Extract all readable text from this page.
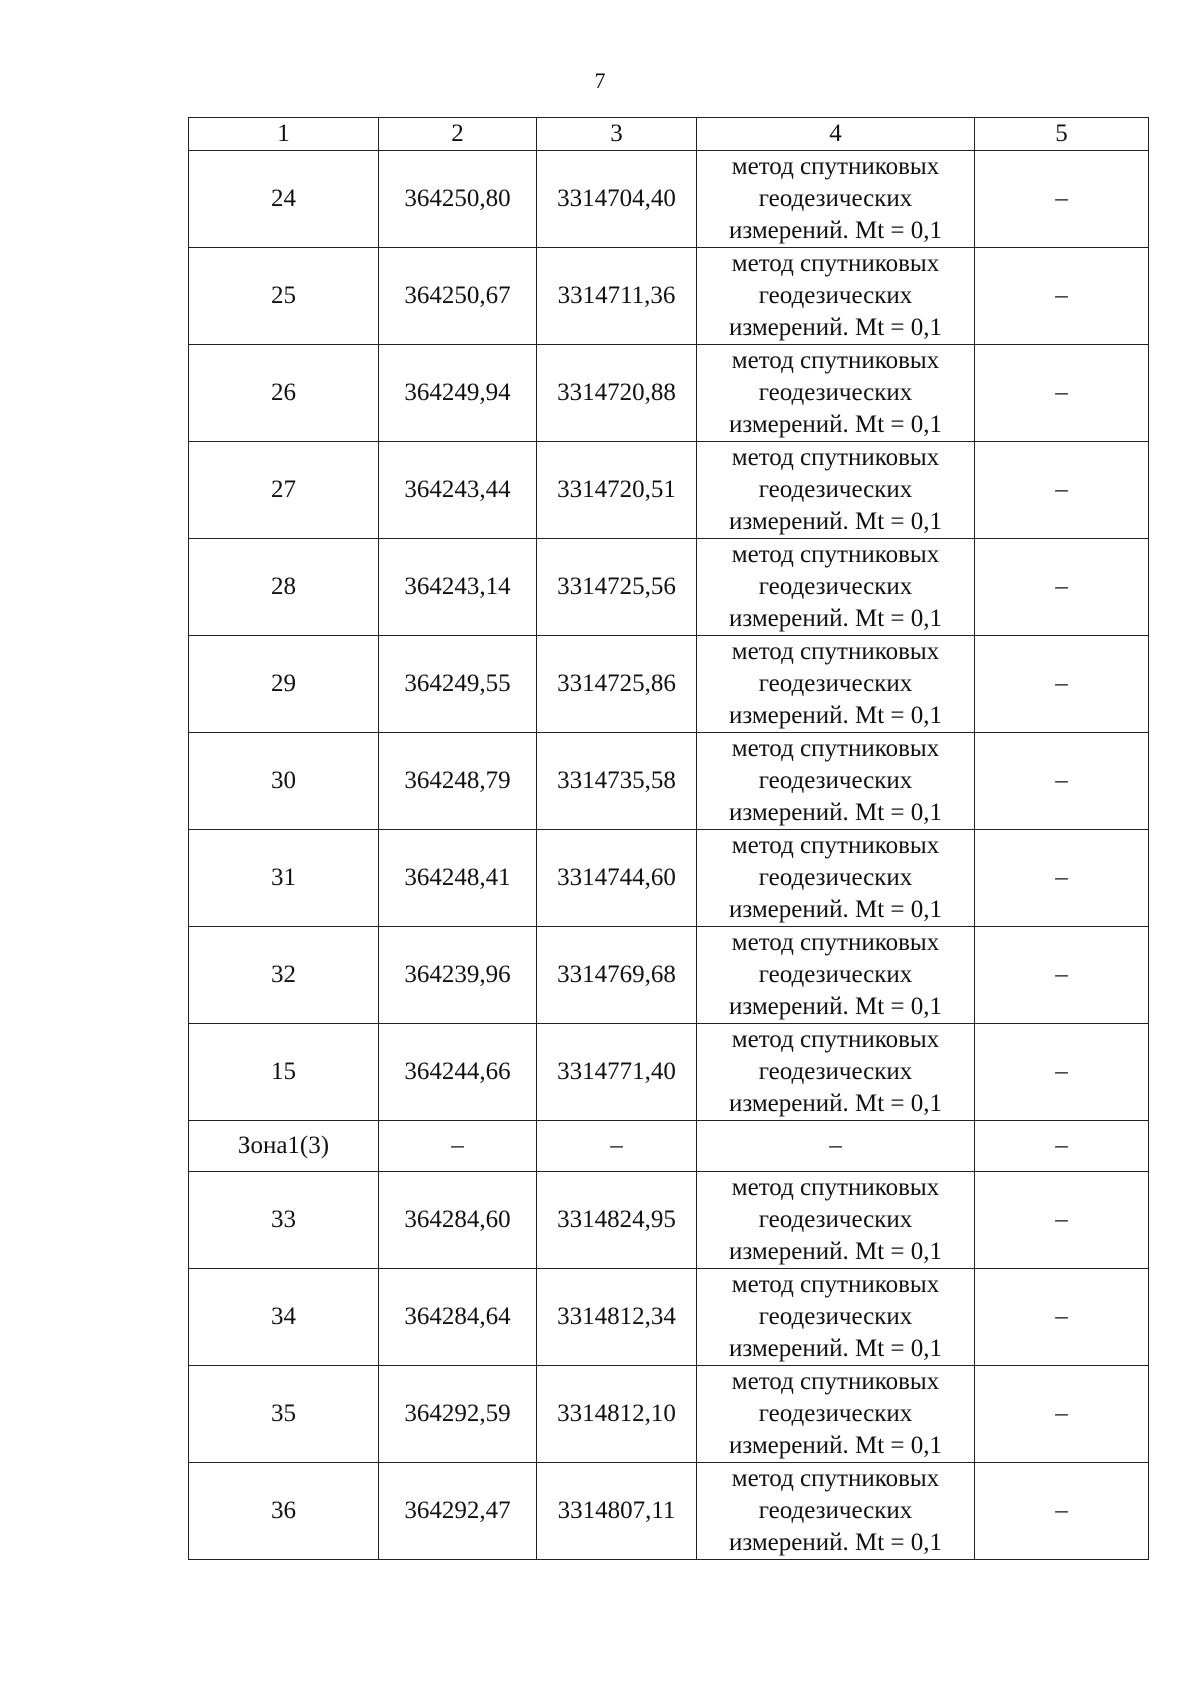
7
1	2	3	4	5
24	364250,80	3314704,40	метод спутниковых
геодезических
измерений. Mt = 0,1	–
25	364250,67	3314711,36	метод спутниковых
геодезических
измерений. Mt = 0,1	–
26	364249,94	3314720,88	метод спутниковых
геодезических
измерений. Mt = 0,1	–
27	364243,44	3314720,51	метод спутниковых
геодезических
измерений. Mt = 0,1	–
28	364243,14	3314725,56	метод спутниковых
геодезических
измерений. Mt = 0,1	–
29	364249,55	3314725,86	метод спутниковых
геодезических
измерений. Mt = 0,1	–
30	364248,79	3314735,58	метод спутниковых
геодезических
измерений. Mt = 0,1	–
31	364248,41	3314744,60	метод спутниковых
геодезических
измерений. Mt = 0,1	–
32	364239,96	3314769,68	метод спутниковых
геодезических
измерений. Mt = 0,1	–
15	364244,66	3314771,40	метод спутниковых
геодезических
измерений. Mt = 0,1	–
Зона1(3)	–	–	–	–
33	364284,60	3314824,95	метод спутниковых
геодезических
измерений. Mt = 0,1	–
34	364284,64	3314812,34	метод спутниковых
геодезических
измерений. Mt = 0,1	–
35	364292,59	3314812,10	метод спутниковых
геодезических
измерений. Mt = 0,1	–
36	364292,47	3314807,11	метод спутниковых
геодезических
измерений. Mt = 0,1	–
